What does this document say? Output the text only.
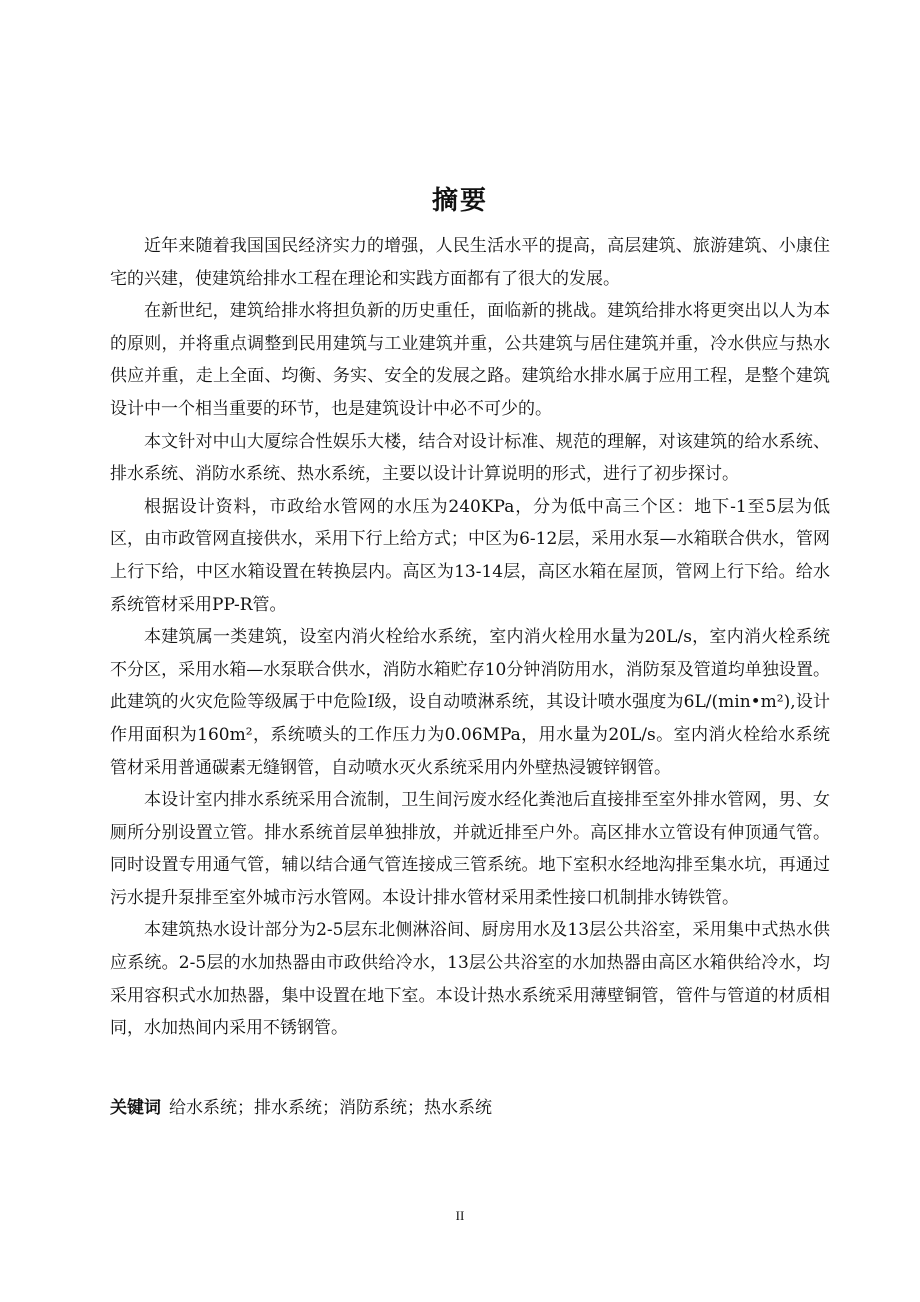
摘要

近年来随着我国国民经济实力的增强，人民生活水平的提高，高层建筑、旅游建筑、小康住宅的兴建，使建筑给排水工程在理论和实践方面都有了很大的发展。

在新世纪，建筑给排水将担负新的历史重任，面临新的挑战。建筑给排水将更突出以人为本的原则，并将重点调整到民用建筑与工业建筑并重，公共建筑与居住建筑并重，冷水供应与热水供应并重，走上全面、均衡、务实、安全的发展之路。建筑给水排水属于应用工程，是整个建筑设计中一个相当重要的环节，也是建筑设计中必不可少的。

本文针对中山大厦综合性娱乐大楼，结合对设计标准、规范的理解，对该建筑的给水系统、排水系统、消防水系统、热水系统，主要以设计计算说明的形式，进行了初步探讨。

根据设计资料，市政给水管网的水压为240KPa，分为低中高三个区：地下-1至5层为低区，由市政管网直接供水，采用下行上给方式；中区为6-12层，采用水泵—水箱联合供水，管网上行下给，中区水箱设置在转换层内。高区为13-14层，高区水箱在屋顶，管网上行下给。给水系统管材采用PP-R管。

本建筑属一类建筑，设室内消火栓给水系统，室内消火栓用水量为20L/s，室内消火栓系统不分区，采用水箱—水泵联合供水，消防水箱贮存10分钟消防用水，消防泵及管道均单独设置。此建筑的火灾危险等级属于中危险Ⅰ级，设自动喷淋系统，其设计喷水强度为6L/(min•m²),设计作用面积为160m²，系统喷头的工作压力为0.06MPa，用水量为20L/s。室内消火栓给水系统管材采用普通碳素无缝钢管，自动喷水灭火系统采用内外壁热浸镀锌钢管。

本设计室内排水系统采用合流制，卫生间污废水经化粪池后直接排至室外排水管网，男、女厕所分别设置立管。排水系统首层单独排放，并就近排至户外。高区排水立管设有伸顶通气管。同时设置专用通气管，辅以结合通气管连接成三管系统。地下室积水经地沟排至集水坑，再通过污水提升泵排至室外城市污水管网。本设计排水管材采用柔性接口机制排水铸铁管。

本建筑热水设计部分为2-5层东北侧淋浴间、厨房用水及13层公共浴室，采用集中式热水供应系统。2-5层的水加热器由市政供给冷水，13层公共浴室的水加热器由高区水箱供给冷水，均采用容积式水加热器，集中设置在地下室。本设计热水系统采用薄壁铜管，管件与管道的材质相同，水加热间内采用不锈钢管。

关键词 给水系统；排水系统；消防系统；热水系统

II
